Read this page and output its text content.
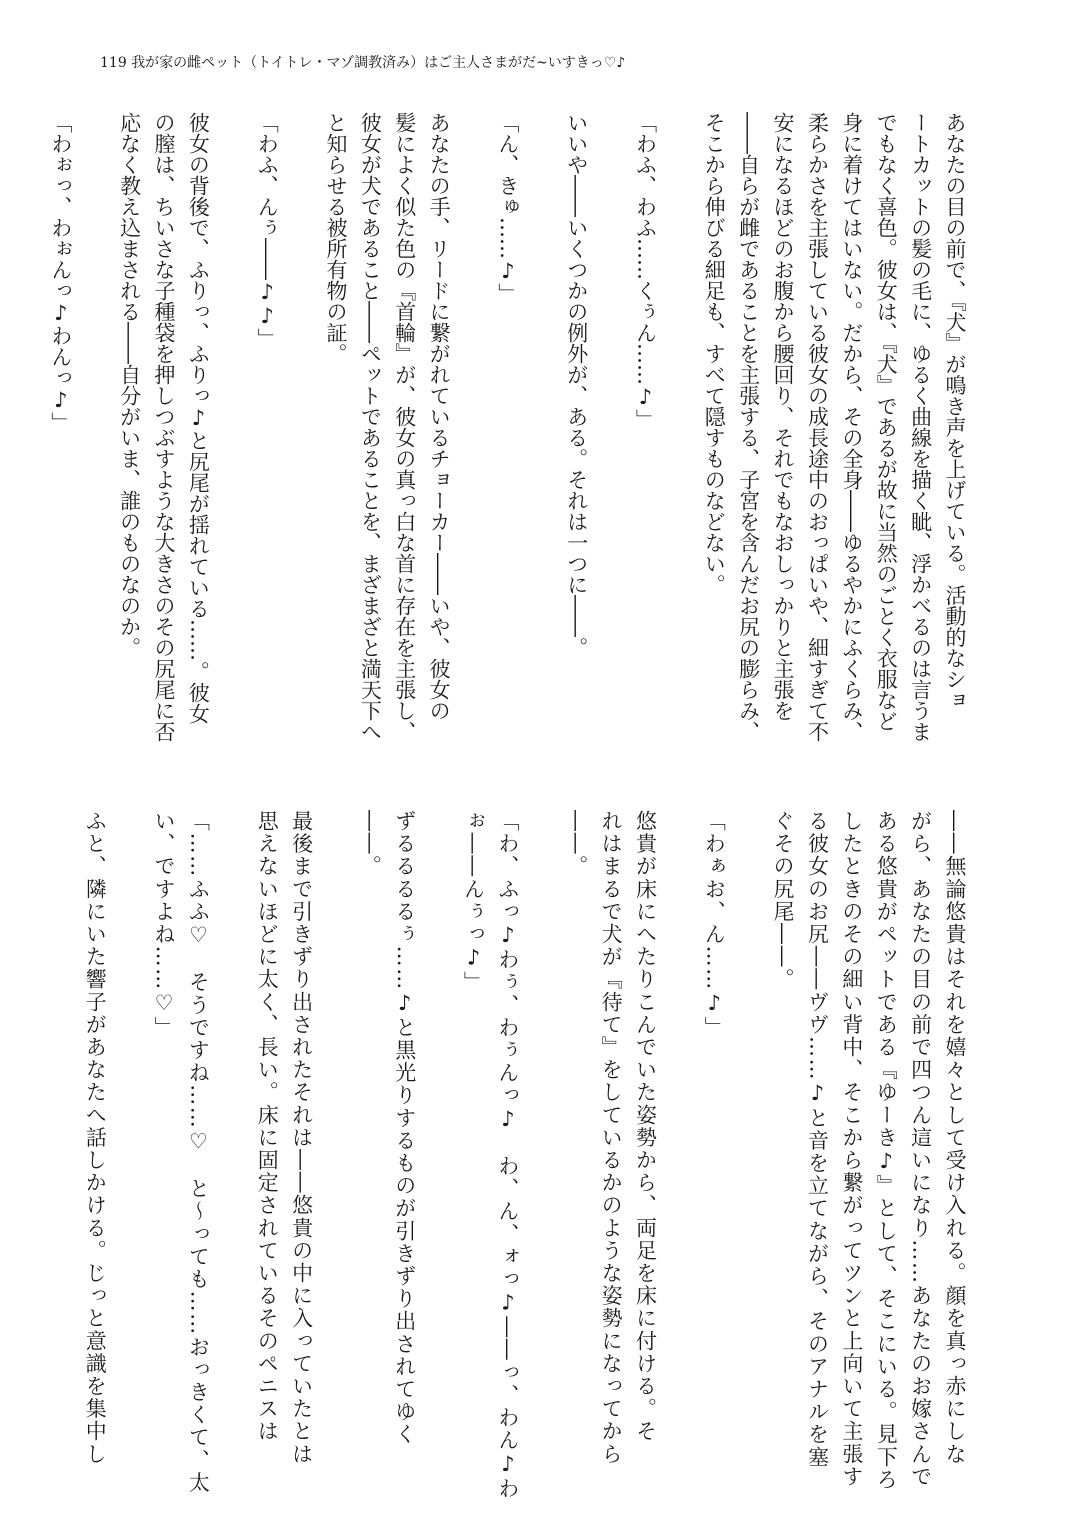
119 我が家の雌ペット（トイトレ・マゾ調教済み）はご主人さまがだ~いすきっ♡♪
あなたの目の前で、『犬』が鳴き声を上げている。活動的なショ
ートカットの髪の毛に、ゆるく曲線を描く眦、浮かべるのは言うま
でもなく喜色。彼女は、『犬』であるが故に当然のごとく衣服など
身に着けてはいない。だから、その全身――ゆるやかにふくらみ、
柔らかさを主張している彼女の成長途中のおっぱいや、細すぎて不
安になるほどのお腹から腰回り、それでもなおしっかりと主張を
――自らが雌であることを主張する、子宮を含んだお尻の膨らみ、
そこから伸びる細足も、すべて隠すものなどない。
「わふ、わふ……くぅん……♪」
いいや――いくつかの例外が、ある。それは一つに――。
「ん、きゅ……♪」
あなたの手、リードに繋がれているチョーカー――いや、彼女の
髪によく似た色の『首輪』が、彼女の真っ白な首に存在を主張し、
彼女が犬であること――ペットであることを、まざまざと満天下へ
と知らせる被所有物の証。
「わふ、んぅ――♪♪」
彼女の背後で、ふりっ、ふりっ♪と尻尾が揺れている……。彼女
の膣は、ちいさな子種袋を押しつぶすような大きさのその尻尾に否
応なく教え込まされる――自分がいま、誰のものなのか。
「わぉっ、わぉんっ♪わんっ♪」
――無論悠貴はそれを嬉々として受け入れる。顔を真っ赤にしな
がら、あなたの目の前で四つん這いになり……あなたのお嫁さんで
ある悠貴がペットである『ゆーき♪』として、そこにいる。見下ろ
したときのその細い背中、そこから繋がってツンと上向いて主張す
る彼女のお尻――ヴヴ……♪と音を立てながら、そのアナルを塞
ぐその尻尾――。
「わぁお、ん……♪」
悠貴が床にへたりこんでいた姿勢から、両足を床に付ける。そ
れはまるで犬が『待て』をしているかのような姿勢になってから
――。
「わ、ふっ♪わぅ、わぅんっ♪　わ、ん、ォっ♪――っ、わん♪わ
ぉ――んぅっ♪」
ずるるるるぅ……♪と黒光りするものが引きずり出されてゆく
――。
最後まで引きずり出されたそれは――悠貴の中に入っていたとは
思えないほどに太く、長い。床に固定されているそのペニスは
「……ふふ♡　そうですね……♡　と～っても……おっきくて、太
い、ですよね……♡」
ふと、隣にいた響子があなたへ話しかける。じっと意識を集中し
